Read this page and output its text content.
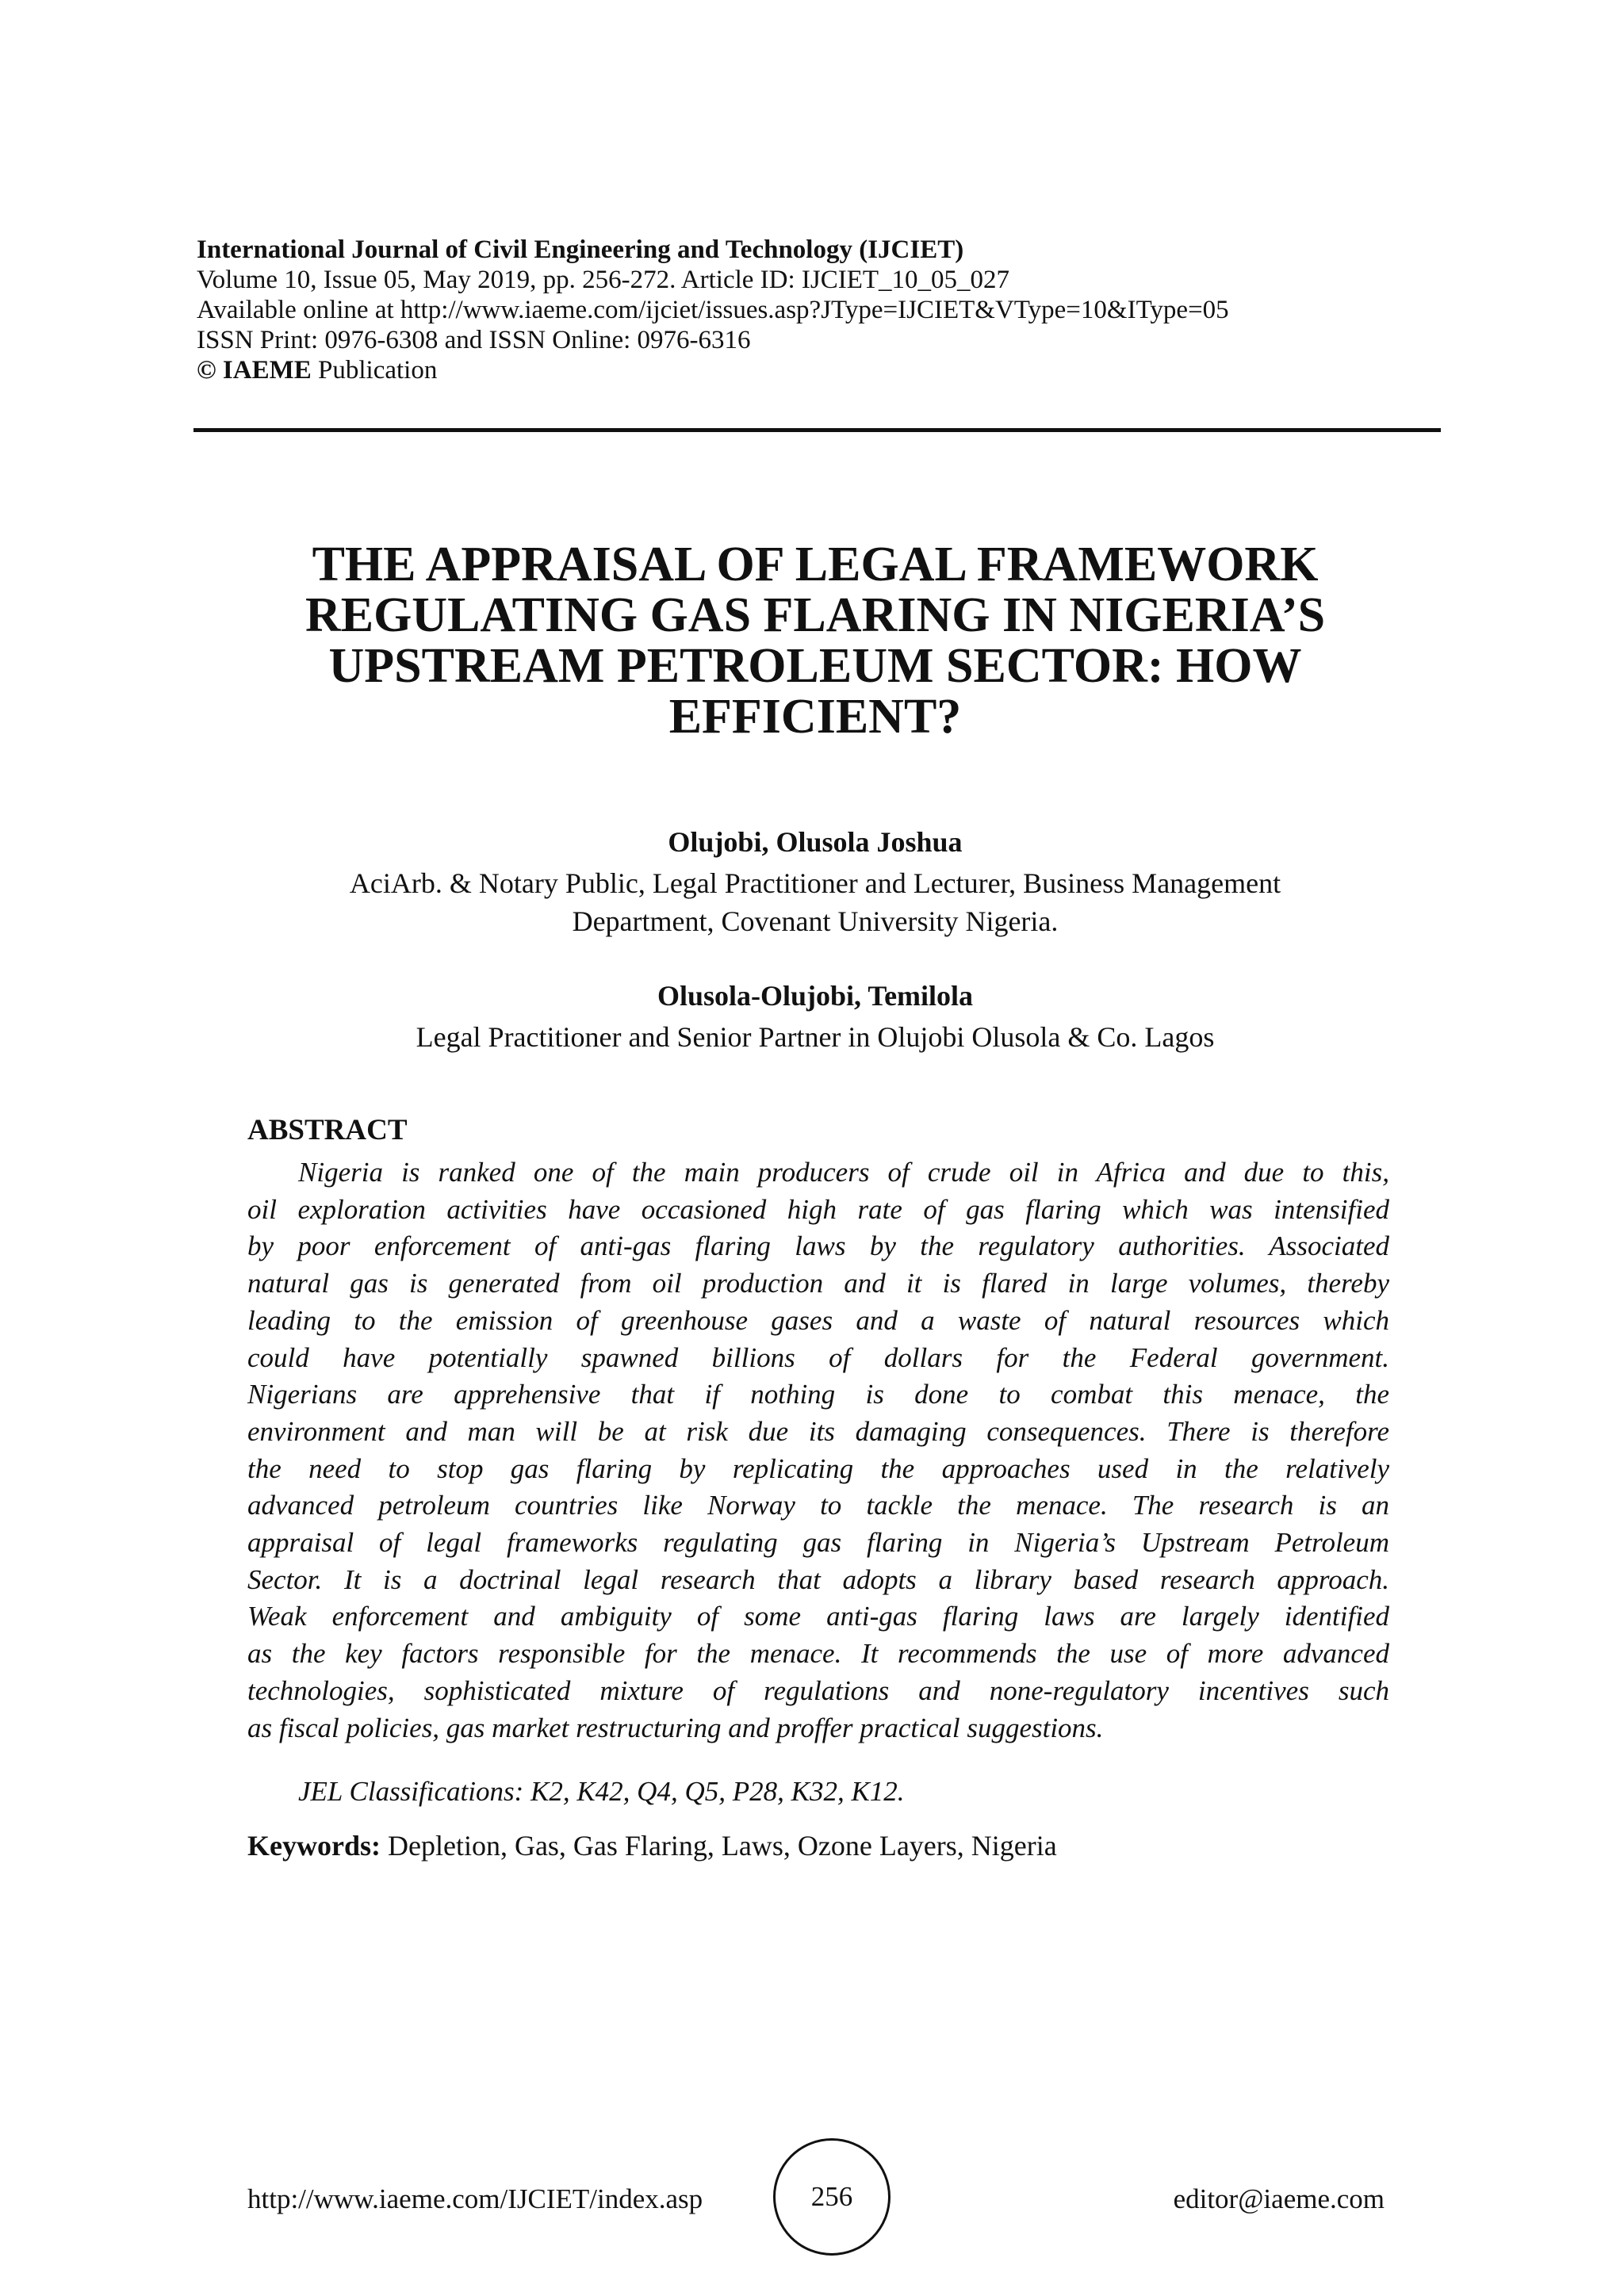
International Journal of Civil Engineering and Technology (IJCIET)
Volume 10, Issue 05, May 2019, pp. 256-272. Article ID: IJCIET_10_05_027
Available online at http://www.iaeme.com/ijciet/issues.asp?JType=IJCIET&VType=10&IType=05
ISSN Print: 0976-6308 and ISSN Online: 0976-6316
© IAEME Publication
THE APPRAISAL OF LEGAL FRAMEWORK
REGULATING GAS FLARING IN NIGERIA’S
UPSTREAM PETROLEUM SECTOR: HOW
EFFICIENT?
Olujobi, Olusola Joshua
AciArb. & Notary Public, Legal Practitioner and Lecturer, Business Management
Department, Covenant University Nigeria.
Olusola-Olujobi, Temilola
Legal Practitioner and Senior Partner in Olujobi Olusola & Co. Lagos
ABSTRACT
Nigeria is ranked one of the main producers of crude oil in Africa and due to this,
oil exploration activities have occasioned high rate of gas flaring which was intensified
by poor enforcement of anti-gas flaring laws by the regulatory authorities. Associated
natural gas is generated from oil production and it is flared in large volumes, thereby
leading to the emission of greenhouse gases and a waste of natural resources which
could have potentially spawned billions of dollars for the Federal government.
Nigerians are apprehensive that if nothing is done to combat this menace, the
environment and man will be at risk due its damaging consequences. There is therefore
the need to stop gas flaring by replicating the approaches used in the relatively
advanced petroleum countries like Norway to tackle the menace. The research is an
appraisal of legal frameworks regulating gas flaring in Nigeria’s Upstream Petroleum
Sector. It is a doctrinal legal research that adopts a library based research approach.
Weak enforcement and ambiguity of some anti-gas flaring laws are largely identified
as the key factors responsible for the menace. It recommends the use of more advanced
technologies, sophisticated mixture of regulations and none-regulatory incentives such
as fiscal policies, gas market restructuring and proffer practical suggestions.
JEL Classifications: K2, K42, Q4, Q5, P28, K32, K12.
Keywords: Depletion, Gas, Gas Flaring, Laws, Ozone Layers, Nigeria
http://www.iaeme.com/IJCIET/index.asp	256	editor@iaeme.com
